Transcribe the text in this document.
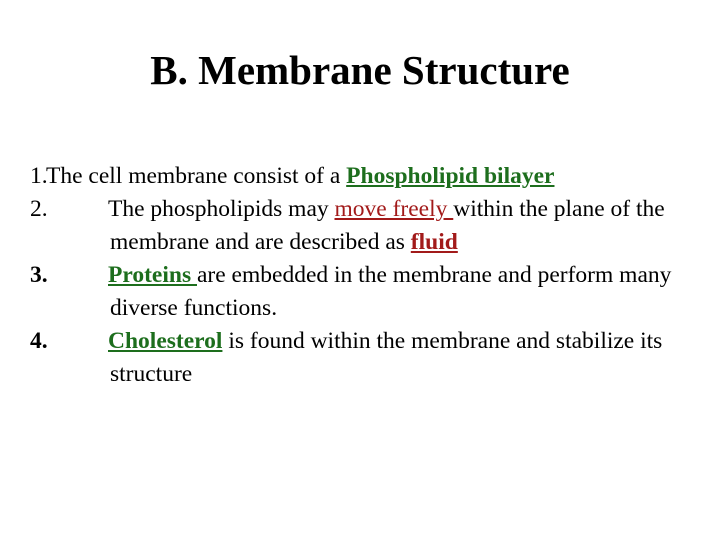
B. Membrane Structure
1.
The cell membrane consist of a Phospholipid bilayer
2.	The phospholipids may move freely within the plane of the membrane and are described as fluid
3.	Proteins are embedded in the membrane and perform many diverse functions.
4.	Cholesterol is found within the membrane and stabilize its structure
